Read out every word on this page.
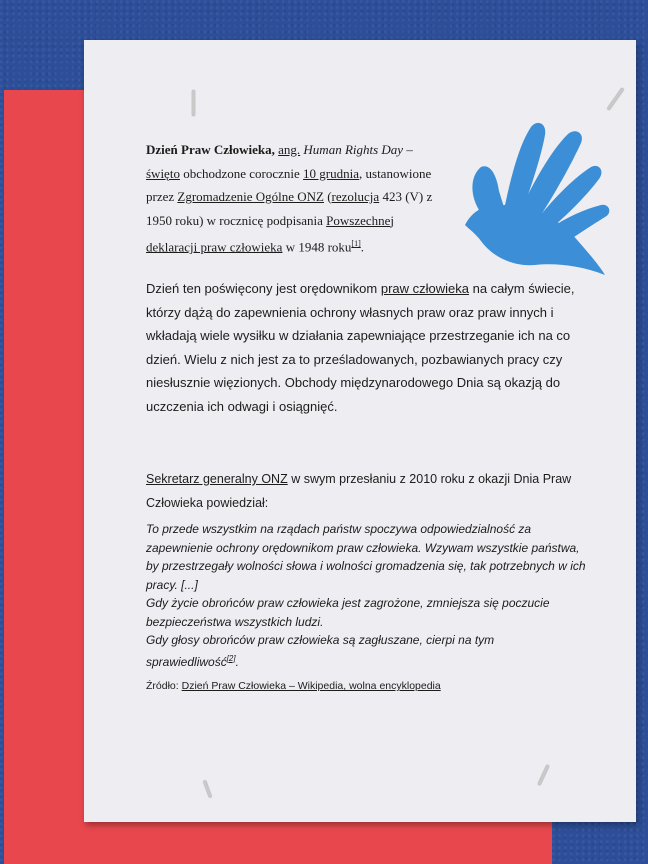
Dzień Praw Człowieka, ang. Human Rights Day – święto obchodzone corocznie 10 grudnia, ustanowione przez Zgromadzenie Ogólne ONZ (rezolucja 423 (V) z 1950 roku) w rocznicę podpisania Powszechnej deklaracji praw człowieka w 1948 roku[1].
Dzień ten poświęcony jest orędownikom praw człowieka na całym świecie, którzy dążą do zapewnienia ochrony własnych praw oraz praw innych i wkładają wiele wysiłku w działania zapewniające przestrzeganie ich na co dzień. Wielu z nich jest za to prześladowanych, pozbawianych pracy czy niesłusznie więzionych. Obchody międzynarodowego Dnia są okazją do uczczenia ich odwagi i osiągnięć.
Sekretarz generalny ONZ w swym przesłaniu z 2010 roku z okazji Dnia Praw Człowieka powiedział:

To przede wszystkim na rządach państw spoczywa odpowiedzialność za zapewnienie ochrony orędownikom praw człowieka. Wzywam wszystkie państwa, by przestrzegały wolności słowa i wolności gromadzenia się, tak potrzebnych w ich pracy. [...]

Gdy życie obrońców praw człowieka jest zagrożone, zmniejsza się poczucie bezpieczeństwa wszystkich ludzi.

Gdy głosy obrońców praw człowieka są zagłuszane, cierpi na tym sprawiedliwość[2].

Źródło: Dzień Praw Człowieka – Wikipedia, wolna encyklopedia
